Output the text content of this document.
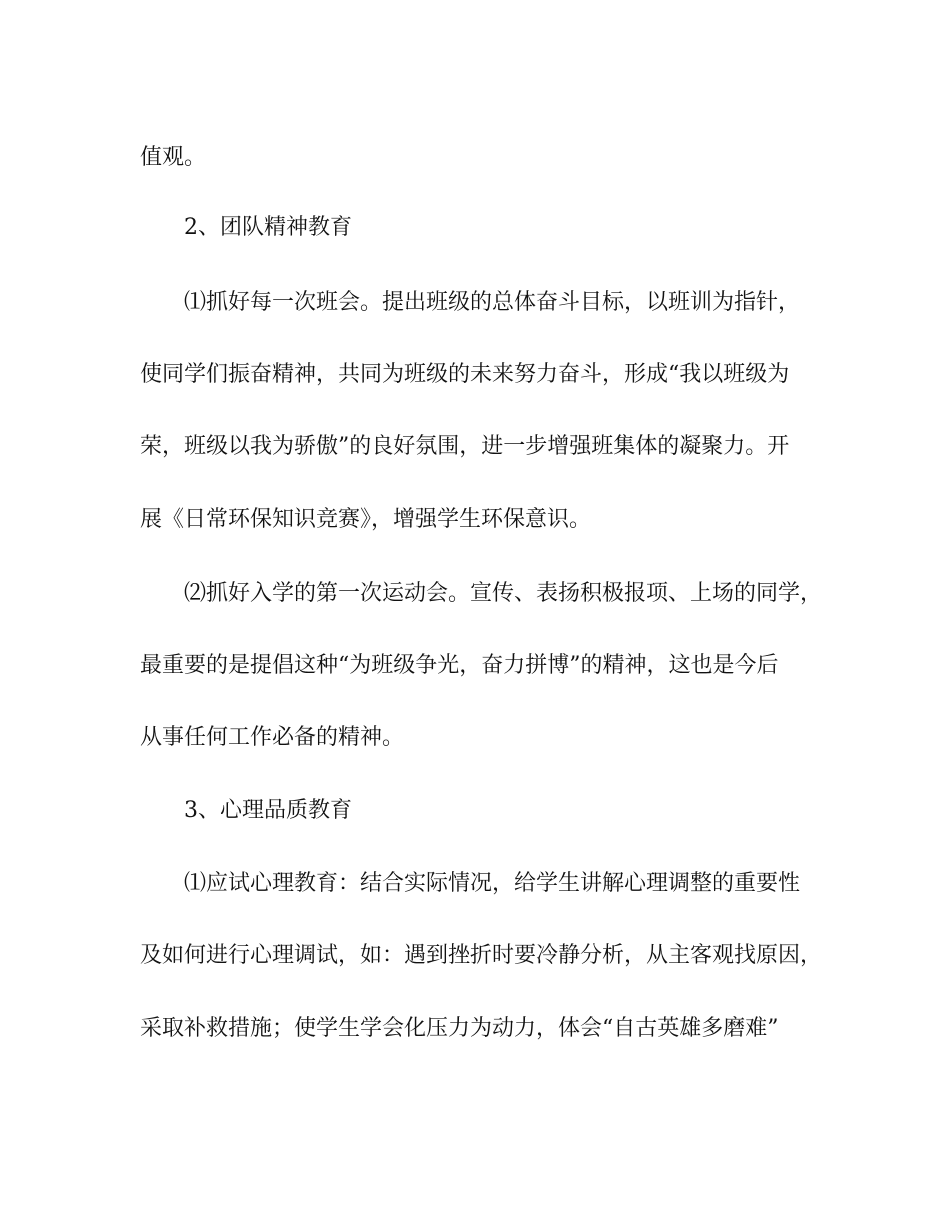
值观。
2、团队精神教育
⑴抓好每一次班会。提出班级的总体奋斗目标，以班训为指针，
使同学们振奋精神，共同为班级的未来努力奋斗，形成“我以班级为
荣，班级以我为骄傲”的良好氛围，进一步增强班集体的凝聚力。开
展《日常环保知识竞赛》，增强学生环保意识。
⑵抓好入学的第一次运动会。宣传、表扬积极报项、上场的同学，
最重要的是提倡这种“为班级争光，奋力拼博”的精神，这也是今后
从事任何工作必备的精神。
3、心理品质教育
⑴应试心理教育：结合实际情况，给学生讲解心理调整的重要性
及如何进行心理调试，如：遇到挫折时要冷静分析，从主客观找原因，
采取补救措施；使学生学会化压力为动力，体会“自古英雄多磨难”
